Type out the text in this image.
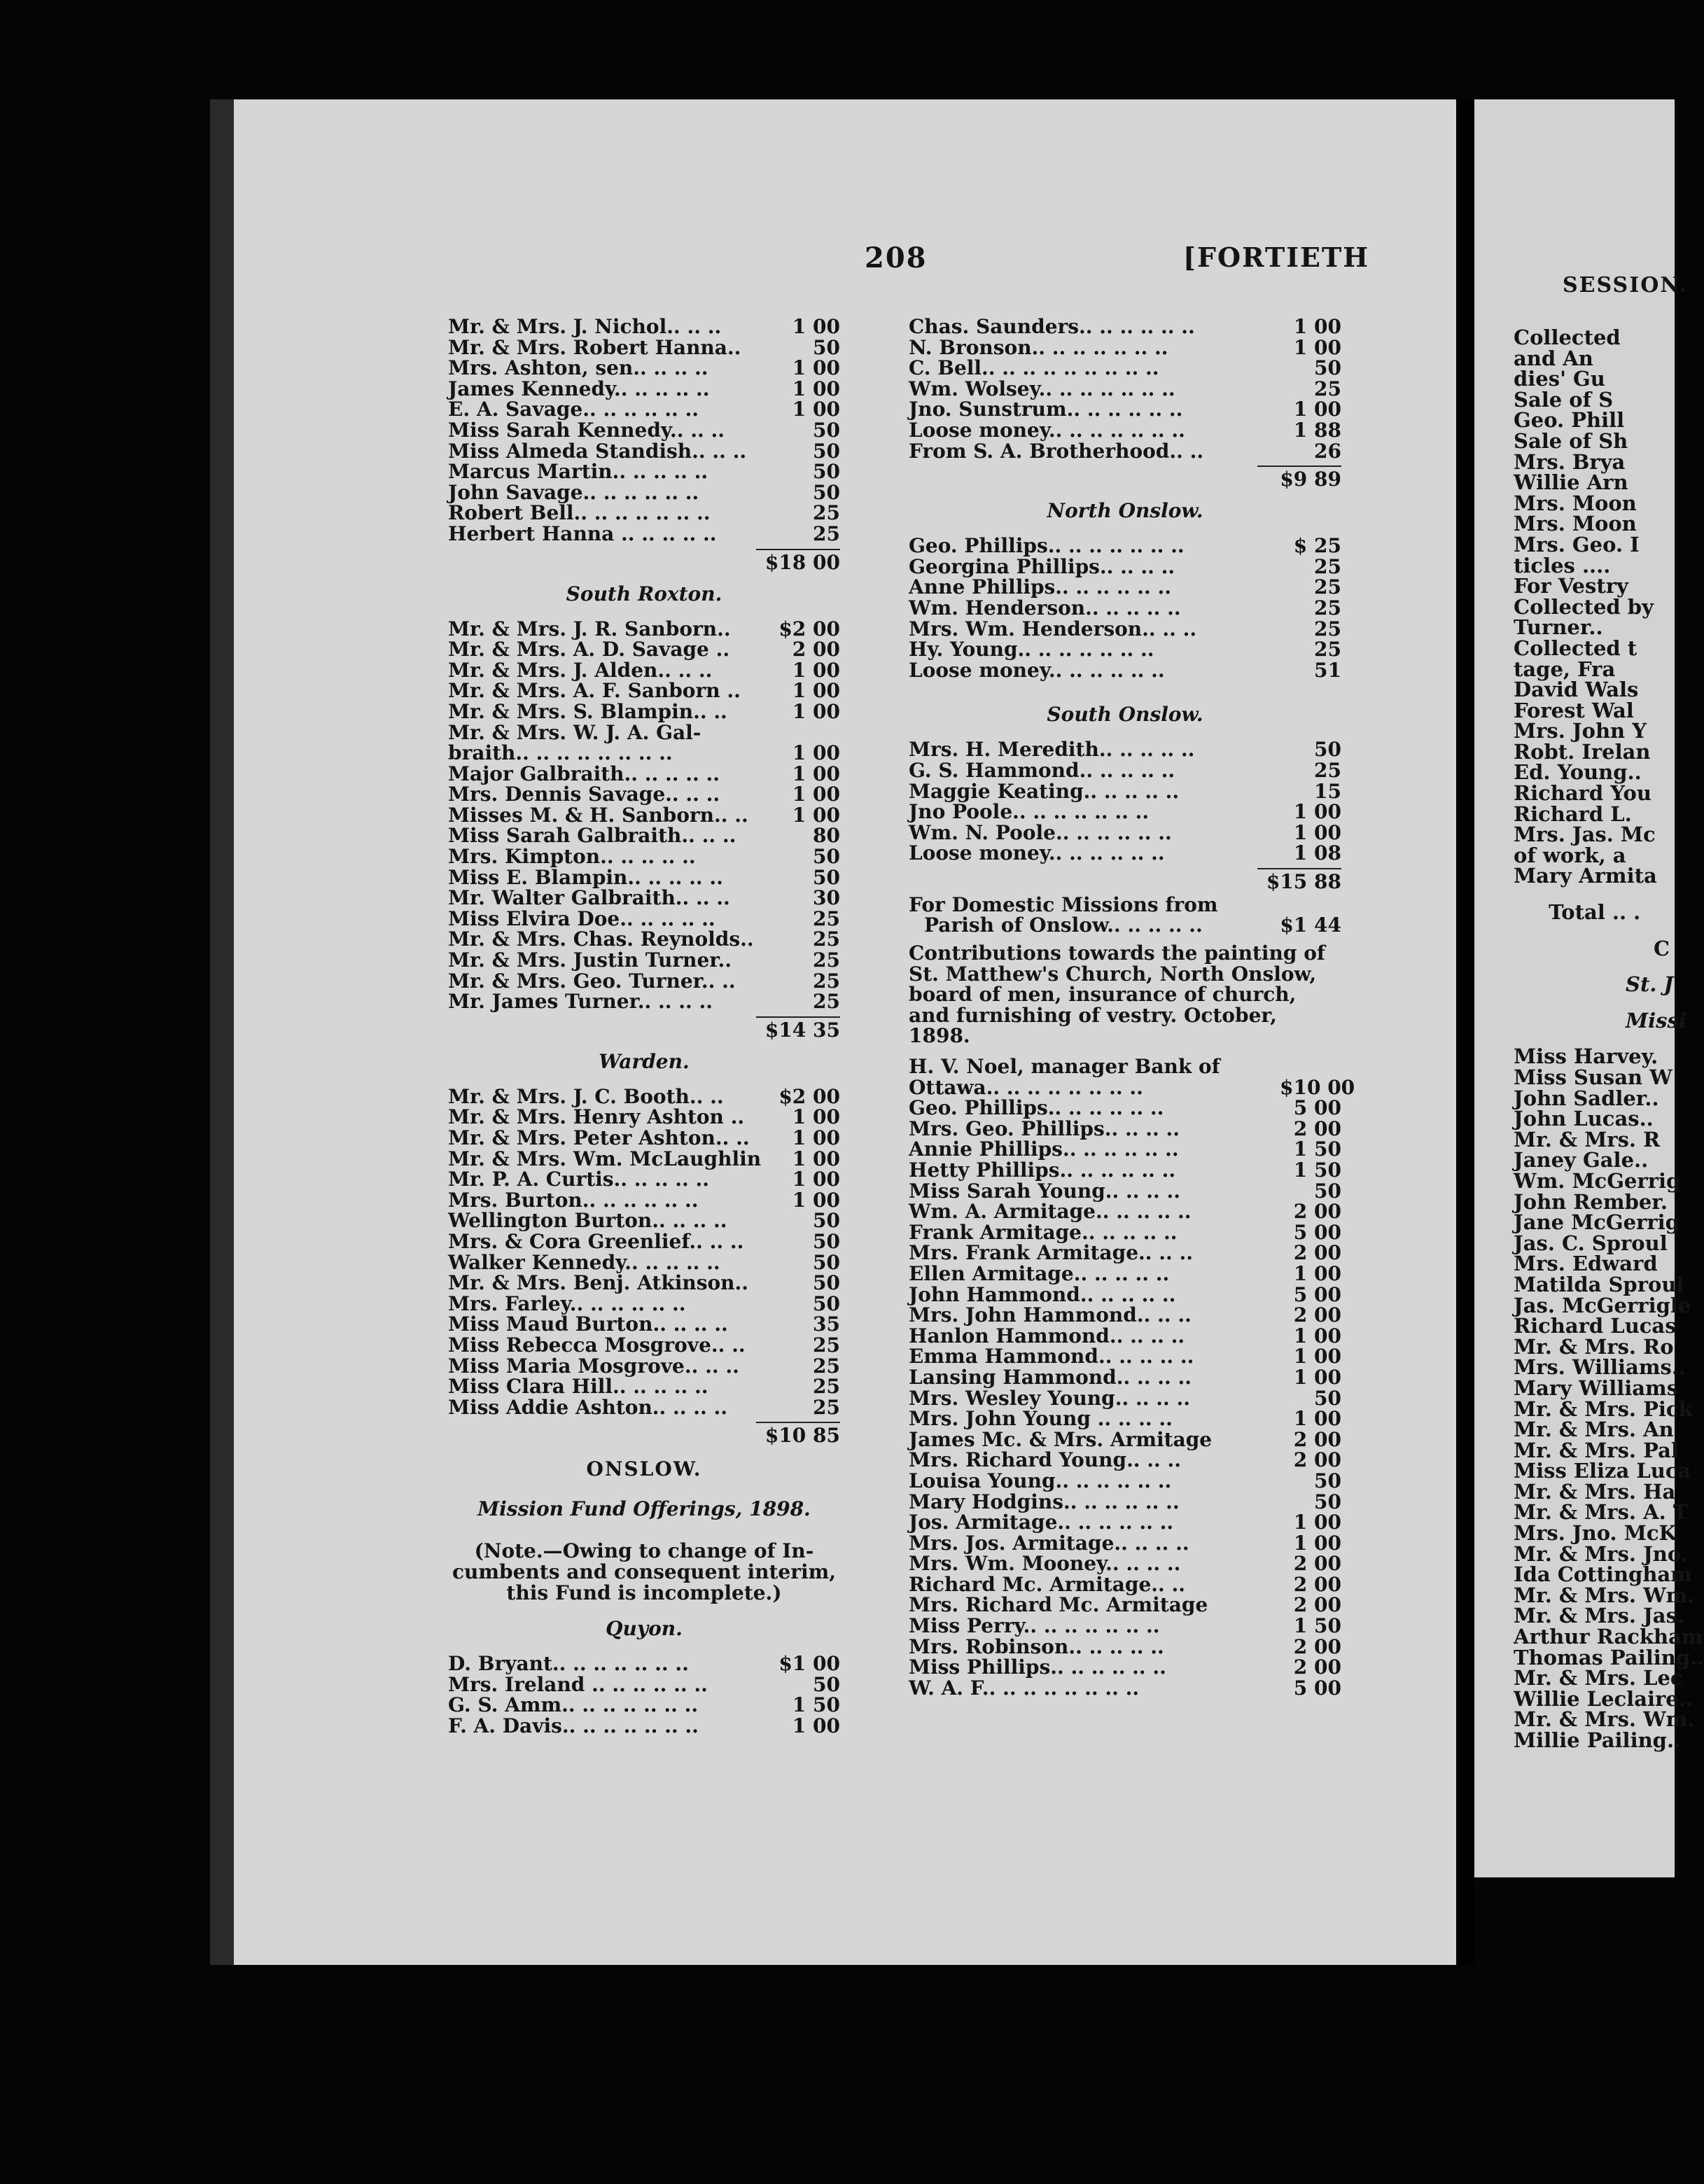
208	[FORTIETH
SESSION.
Mr. & Mrs. J. Nichol.. .. ..	1 00
Mr. & Mrs. Robert Hanna..	50
Mrs. Ashton, sen.. .. .. ..	1 00
James Kennedy.. .. .. .. ..	1 00
E. A. Savage.. .. .. .. .. ..	1 00
Miss Sarah Kennedy.. .. ..	50
Miss Almeda Standish.. .. ..	50
Marcus Martin.. .. .. .. ..	50
John Savage.. .. .. .. .. ..	50
Robert Bell.. .. .. .. .. .. ..	25
Herbert Hanna .. .. .. .. ..	25
$18 00
South Roxton.
Mr. & Mrs. J. R. Sanborn..	$2 00
Mr. & Mrs. A. D. Savage ..	2 00
Mr. & Mrs. J. Alden.. .. ..	1 00
Mr. & Mrs. A. F. Sanborn ..	1 00
Mr. & Mrs. S. Blampin.. ..	1 00
Mr. & Mrs. W. J. A. Gal-
braith.. .. .. .. .. .. .. ..	1 00
Major Galbraith.. .. .. .. ..	1 00
Mrs. Dennis Savage.. .. ..	1 00
Misses M. & H. Sanborn.. ..	1 00
Miss Sarah Galbraith.. .. ..	80
Mrs. Kimpton.. .. .. .. ..	50
Miss E. Blampin.. .. .. .. ..	50
Mr. Walter Galbraith.. .. ..	30
Miss Elvira Doe.. .. .. .. ..	25
Mr. & Mrs. Chas. Reynolds..	25
Mr. & Mrs. Justin Turner..	25
Mr. & Mrs. Geo. Turner.. ..	25
Mr. James Turner.. .. .. ..	25
$14 35
Warden.
Mr. & Mrs. J. C. Booth.. ..	$2 00
Mr. & Mrs. Henry Ashton ..	1 00
Mr. & Mrs. Peter Ashton.. ..	1 00
Mr. & Mrs. Wm. McLaughlin	1 00
Mr. P. A. Curtis.. .. .. .. ..	1 00
Mrs. Burton.. .. .. .. .. ..	1 00
Wellington Burton.. .. .. ..	50
Mrs. & Cora Greenlief.. .. ..	50
Walker Kennedy.. .. .. .. ..	50
Mr. & Mrs. Benj. Atkinson..	50
Mrs. Farley.. .. .. .. .. ..	50
Miss Maud Burton.. .. .. ..	35
Miss Rebecca Mosgrove.. ..	25
Miss Maria Mosgrove.. .. ..	25
Miss Clara Hill.. .. .. .. ..	25
Miss Addie Ashton.. .. .. ..	25
$10 85
ONSLOW.
Mission Fund Offerings, 1898.
(Note.—Owing to change of In-
cumbents and consequent interim,
this Fund is incomplete.)
Quyon.
D. Bryant.. .. .. .. .. .. ..	$1 00
Mrs. Ireland .. .. .. .. .. ..	50
G. S. Amm.. .. .. .. .. .. ..	1 50
F. A. Davis.. .. .. .. .. .. ..	1 00
Chas. Saunders.. .. .. .. .. ..	1 00
N. Bronson.. .. .. .. .. .. ..	1 00
C. Bell.. .. .. .. .. .. .. .. ..	50
Wm. Wolsey.. .. .. .. .. .. ..	25
Jno. Sunstrum.. .. .. .. .. ..	1 00
Loose money.. .. .. .. .. .. ..	1 88
From S. A. Brotherhood.. ..	26
$9 89
North Onslow.
Geo. Phillips.. .. .. .. .. .. ..	$ 25
Georgina Phillips.. .. .. ..	25
Anne Phillips.. .. .. .. .. ..	25
Wm. Henderson.. .. .. .. ..	25
Mrs. Wm. Henderson.. .. ..	25
Hy. Young.. .. .. .. .. .. ..	25
Loose money.. .. .. .. .. ..	51
South Onslow.
Mrs. H. Meredith.. .. .. .. ..	50
G. S. Hammond.. .. .. .. ..	25
Maggie Keating.. .. .. .. ..	15
Jno Poole.. .. .. .. .. .. ..	1 00
Wm. N. Poole.. .. .. .. .. ..	1 00
Loose money.. .. .. .. .. ..	1 08
$15 88
For Domestic Missions from
Parish of Onslow.. .. .. .. ..	$1 44
Contributions towards the painting of St. Matthew's Church, North Onslow, board of men, insurance of church, and furnishing of vestry. October, 1898.
H. V. Noel, manager Bank of
Ottawa.. .. .. .. .. .. .. ..	$10 00
Geo. Phillips.. .. .. .. .. ..	5 00
Mrs. Geo. Phillips.. .. .. ..	2 00
Annie Phillips.. .. .. .. .. ..	1 50
Hetty Phillips.. .. .. .. .. ..	1 50
Miss Sarah Young.. .. .. ..	50
Wm. A. Armitage.. .. .. .. ..	2 00
Frank Armitage.. .. .. .. ..	5 00
Mrs. Frank Armitage.. .. ..	2 00
Ellen Armitage.. .. .. .. ..	1 00
John Hammond.. .. .. .. ..	5 00
Mrs. John Hammond.. .. ..	2 00
Hanlon Hammond.. .. .. ..	1 00
Emma Hammond.. .. .. .. ..	1 00
Lansing Hammond.. .. .. ..	1 00
Mrs. Wesley Young.. .. .. ..	50
Mrs. John Young .. .. .. ..	1 00
James Mc. & Mrs. Armitage	2 00
Mrs. Richard Young.. .. ..	2 00
Louisa Young.. .. .. .. .. ..	50
Mary Hodgins.. .. .. .. .. ..	50
Jos. Armitage.. .. .. .. .. ..	1 00
Mrs. Jos. Armitage.. .. .. ..	1 00
Mrs. Wm. Mooney.. .. .. ..	2 00
Richard Mc. Armitage.. ..	2 00
Mrs. Richard Mc. Armitage	2 00
Miss Perry.. .. .. .. .. .. ..	1 50
Mrs. Robinson.. .. .. .. ..	2 00
Miss Phillips.. .. .. .. .. ..	2 00
W. A. F.. .. .. .. .. .. .. ..	5 00
Collected
and An
dies' Gu
Sale of S
Geo. Phill
Sale of Sh
Mrs. Brya
Willie Arn
Mrs. Moon
Mrs. Moon
Mrs. Geo. I
ticles ....
For Vestry
Collected by
Turner..
Collected t
tage, Fra
David Wals
Forest Wal
Mrs. John Y
Robt. Irelan
Ed. Young..
Richard You
Richard L.
Mrs. Jas. Mc
of work, a
Mary Armita
Total .. .
C
St. J
Missi
Miss Harvey.
Miss Susan W
John Sadler..
John Lucas..
Mr. & Mrs. R
Janey Gale..
Wm. McGerrig
John Rember.
Jane McGerrig
Jas. C. Sproul
Mrs. Edward
Matilda Sproul
Jas. McGerrigle
Richard Lucas
Mr. & Mrs. Ro
Mrs. Williams..
Mary Williams
Mr. & Mrs. Pick
Mr. & Mrs. An
Mr. & Mrs. Pal
Miss Eliza Luca
Mr. & Mrs. Ha
Mr. & Mrs. A. T
Mrs. Jno. McK
Mr. & Mrs. Jno.
Ida Cottingham
Mr. & Mrs. Wm.
Mr. & Mrs. Jas.
Arthur Rackham
Thomas Pailing..
Mr. & Mrs. Lec
Willie Leclaire..
Mr. & Mrs. Wm.
Millie Pailing..
